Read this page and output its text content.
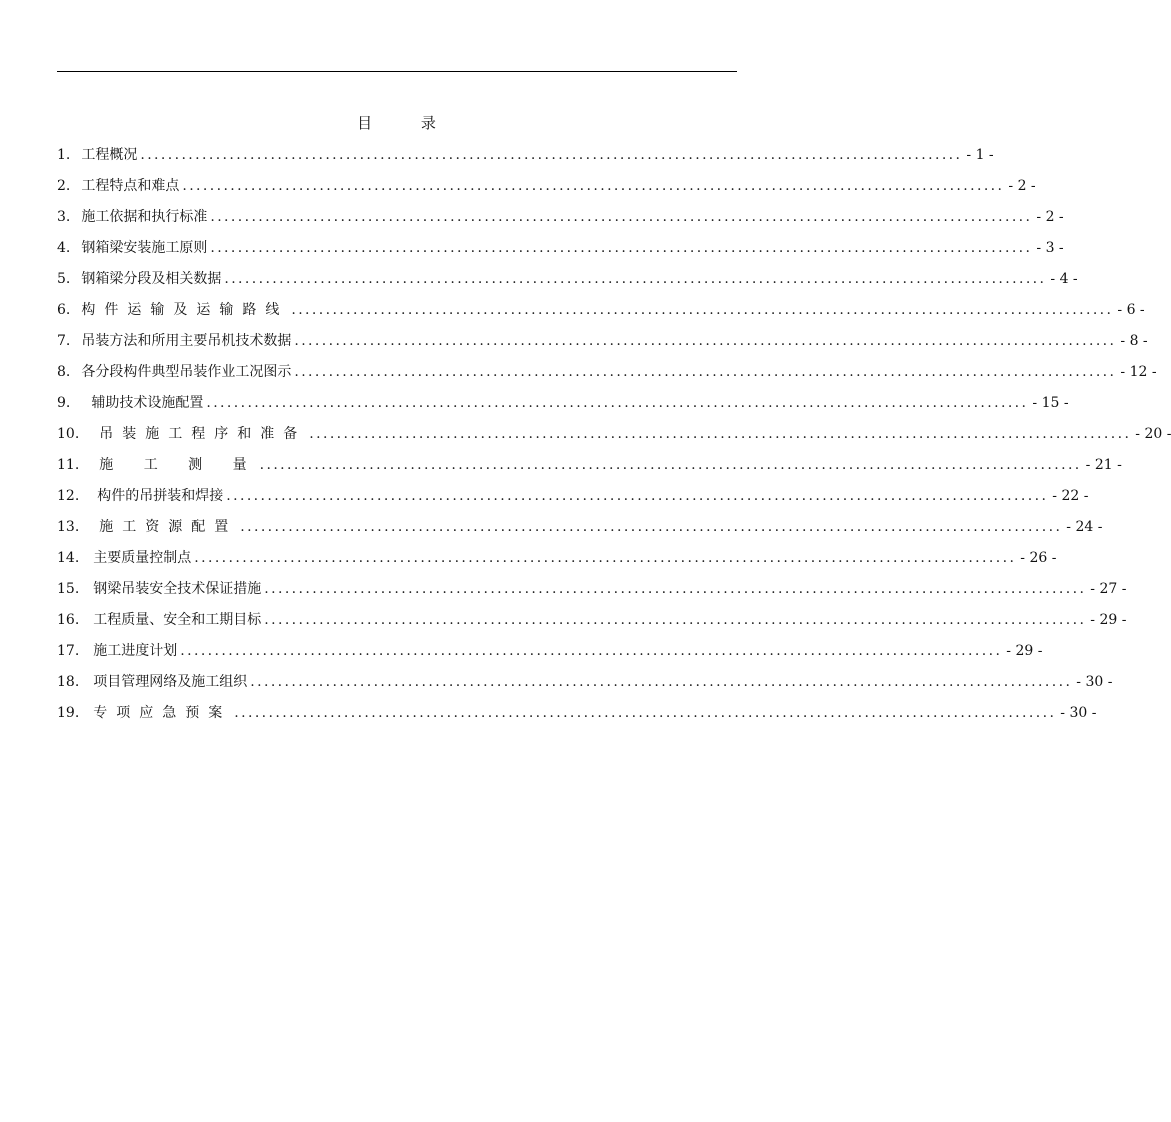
目 录
1. 工程概况 ........................................................................................................................ - 1 -
2. 工程特点和难点 ........................................................................................................................ - 2 -
3. 施工依据和执行标准 ........................................................................................................................ - 2 -
4. 钢箱梁安装施工原则 ........................................................................................................................ - 3 -
5. 钢箱梁分段及相关数据 ........................................................................................................................ - 4 -
6. 构件运输及运输路线 ........................................................................................................................ - 6 -
7. 吊装方法和所用主要吊机技术数据 ........................................................................................................................ - 8 -
8. 各分段构件典型吊装作业工况图示 ........................................................................................................................ - 12 -
9. 辅助技术设施配置 ........................................................................................................................ - 15 -
10. 吊装施工程序和准备 ........................................................................................................................ - 20 -
11. 施 工 测 量 ........................................................................................................................ - 21 -
12. 构件的吊拼装和焊接 ........................................................................................................................ - 22 -
13. 施工资源配置 ........................................................................................................................ - 24 -
14. 主要质量控制点 ........................................................................................................................ - 26 -
15. 钢梁吊装安全技术保证措施 ........................................................................................................................ - 27 -
16. 工程质量、安全和工期目标 ........................................................................................................................ - 29 -
17. 施工进度计划 ........................................................................................................................ - 29 -
18. 项目管理网络及施工组织 ........................................................................................................................ - 30 -
19. 专项应急预案 ........................................................................................................................ - 30 -
